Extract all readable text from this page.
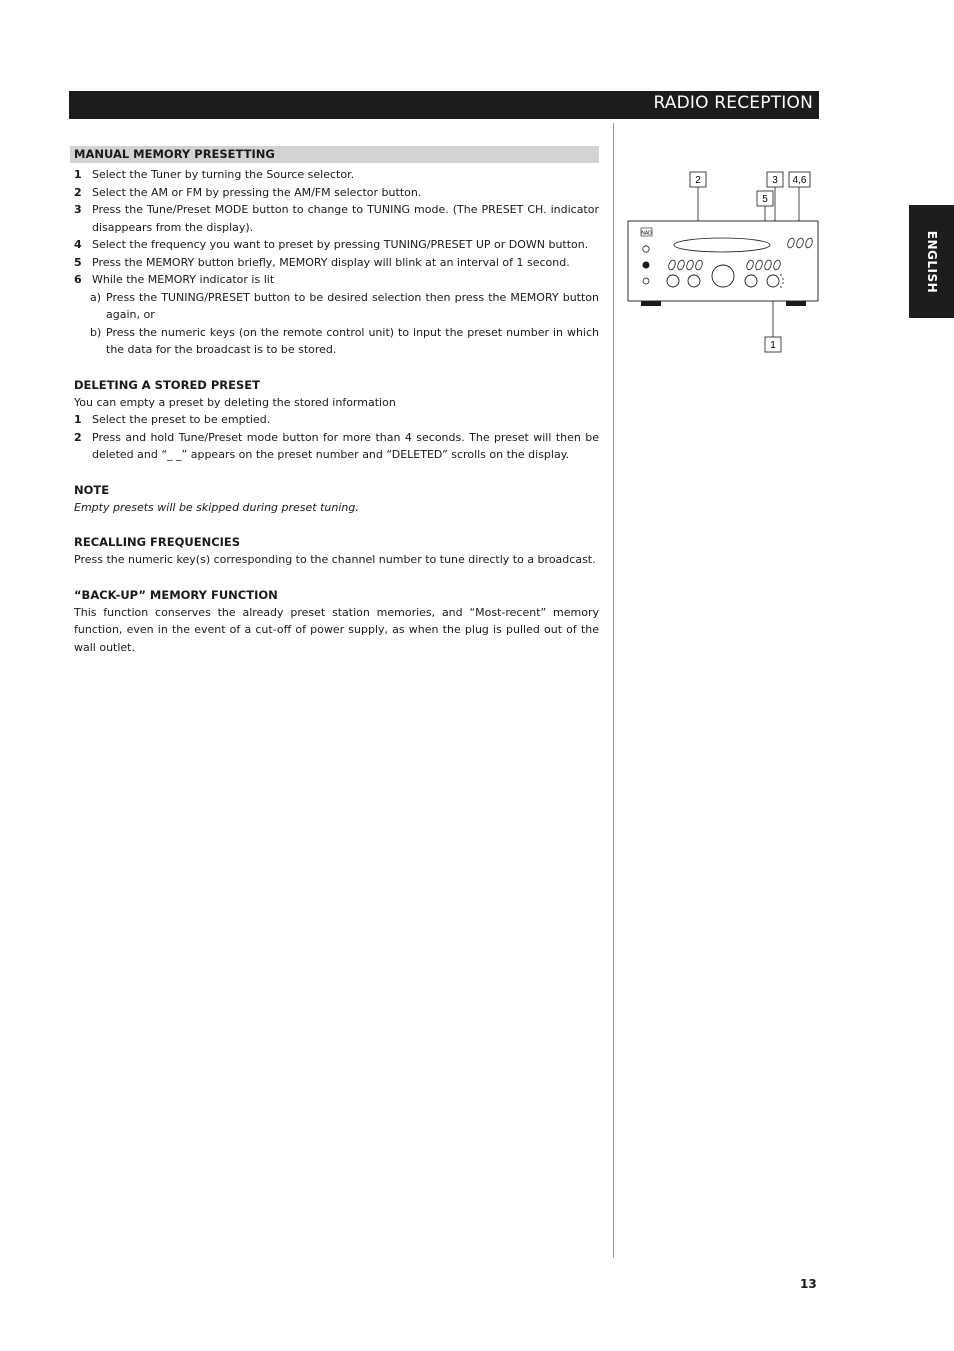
RADIO RECEPTION
ENGLISH
MANUAL MEMORY PRESETTING
1 Select the Tuner by turning the Source selector.
2 Select the AM or FM by pressing the AM/FM selector button.
3 Press the Tune/Preset MODE button to change to TUNING mode. (The PRESET CH. indicator disappears from the display).
4 Select the frequency you want to preset by pressing TUNING/PRESET UP or DOWN button.
5 Press the MEMORY button briefly, MEMORY display will blink at an interval of 1 second.
6 While the MEMORY indicator is lit
a) Press the TUNING/PRESET button to be desired selection then press the MEMORY button again, or
b) Press the numeric keys (on the remote control unit) to input the preset number in which the data for the broadcast is to be stored.
DELETING A STORED PRESET
You can empty a preset by deleting the stored information
1 Select the preset to be emptied.
2 Press and hold Tune/Preset mode button for more than 4 seconds. The preset will then be deleted and “_ _” appears on the preset number and “DELETED” scrolls on the display.
NOTE
Empty presets will be skipped during preset tuning.
RECALLING FREQUENCIES
Press the numeric key(s) corresponding to the channel number to tune directly to a broadcast.
“BACK-UP” MEMORY FUNCTION
This function conserves the already preset station memories, and “Most-recent” memory function, even in the event of a cut-off of power supply, as when the plug is pulled out of the wall outlet.
2	3 4,6
5
1
NAD
13
